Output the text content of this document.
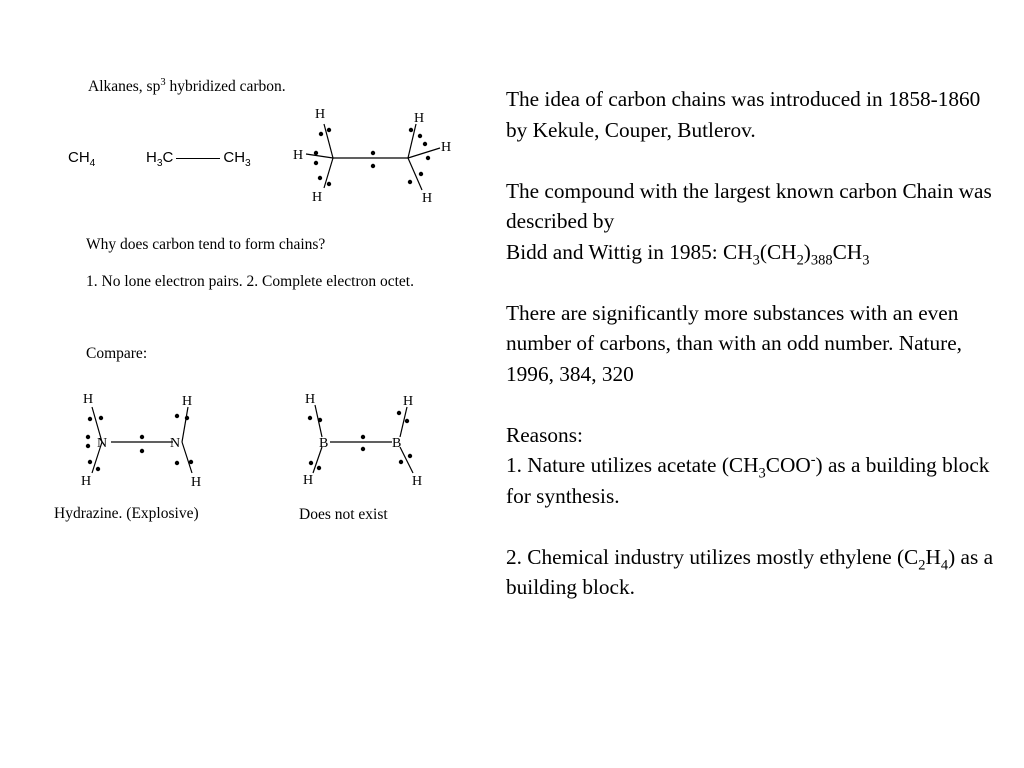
Alkanes, $sp^3$ hybridized carbon.
$CH_4$	$H_3C$	$CH_3$
H
H
H
H
H
H
Why does carbon tend to form chains?
1. No lone electron pairs. 2. Complete electron octet.
Compare:
N	N
H
H
H
H
Hydrazine. (Explosive)
B	B
H
H
H
H
Does not exist

The idea of carbon chains was introduced in 1858-1860 by Kekule, Couper, Butlerov.

The compound with the largest known carbon Chain was described by

Bidd and Wittig in 1985: $CH_3(CH_2)_{388}CH_3$

There are significantly more substances with an even number of carbons, than with an odd number. Nature, 1996, 384, 320

Reasons:

1. Nature utilizes acetate $(CH_3COO^-)$ as a building block for synthesis.

2. Chemical industry utilizes mostly ethylene $(C_2H_4)$ as a building block.
